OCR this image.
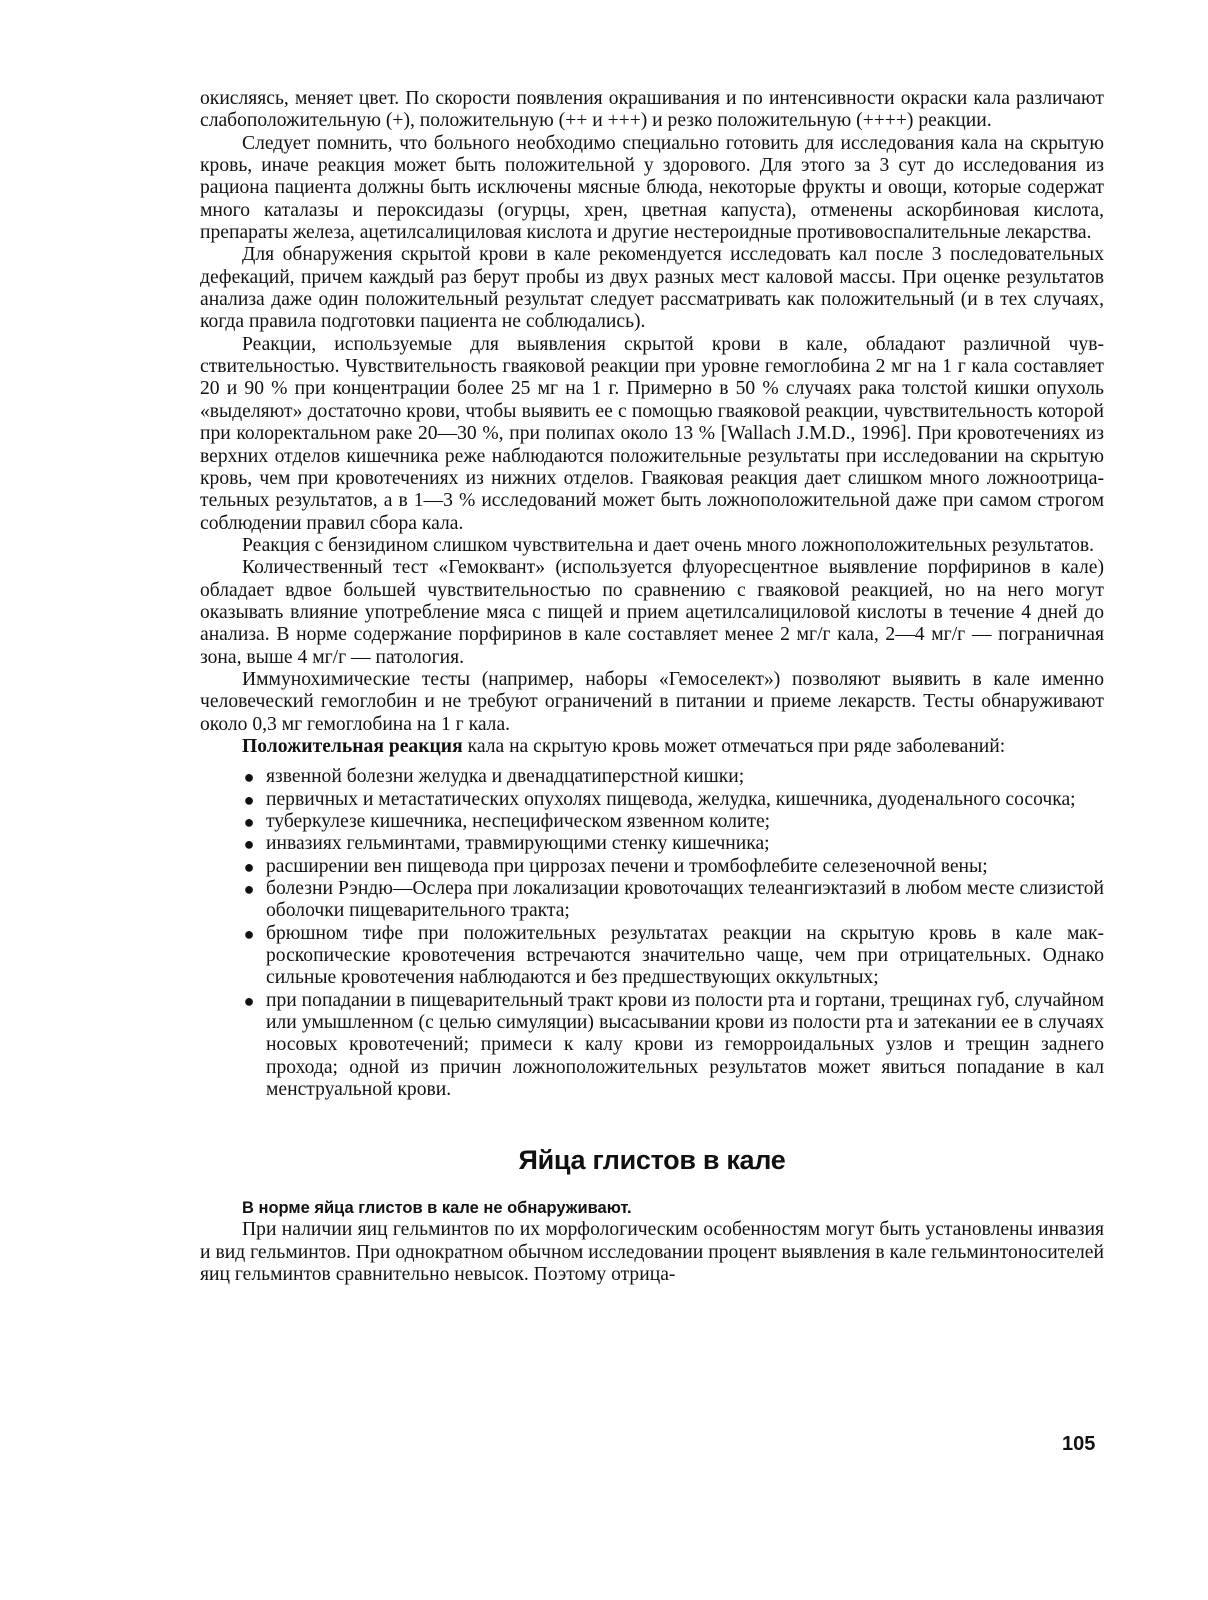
окисляясь, меняет цвет. По скорости появления окрашивания и по интенсивности окраски кала различают слабоположительную (+), положительную (++ и +++) и резко положительную (++++) реакции.

Следует помнить, что больного необходимо специально готовить для исследования кала на скрытую кровь, иначе реакция может быть положительной у здорового. Для этого за 3 сут до исследования из рациона пациента должны быть исключены мясные блюда, некоторые фрукты и овощи, которые содержат много каталазы и пероксидазы (огурцы, хрен, цветная капуста), отменены аскорбиновая кислота, препараты железа, ацетилсалициловая кислота и другие нестероидные противовоспалительные лекарства.

Для обнаружения скрытой крови в кале рекомендуется исследовать кал после 3 последовательных дефекаций, причем каждый раз берут пробы из двух разных мест каловой массы. При оценке результатов анализа даже один положительный результат следует рассматривать как положительный (и в тех случаях, когда правила подготовки пациента не соблюдались).

Реакции, используемые для выявления скрытой крови в кале, обладают различной чувствительностью. Чувствительность гваяковой реакции при уровне гемоглобина 2 мг на 1 г кала составляет 20 и 90 % при концентрации более 25 мг на 1 г. Примерно в 50 % случаях рака толстой кишки опухоль «выделяют» достаточно крови, чтобы выявить ее с помощью гваяковой реакции, чувствительность которой при колоректальном раке 20—30 %, при полипах около 13 % [Wallach J.M.D., 1996]. При кровотечениях из верхних отделов кишечника реже наблюдаются положительные результаты при исследовании на скрытую кровь, чем при кровотечениях из нижних отделов. Гваяковая реакция дает слишком много ложноотрицательных результатов, а в 1—3 % исследований может быть ложноположительной даже при самом строгом соблюдении правил сбора кала.

Реакция с бензидином слишком чувствительна и дает очень много ложноположительных результатов.

Количественный тест «Гемоквант» (используется флуоресцентное выявление порфиринов в кале) обладает вдвое большей чувствительностью по сравнению с гваяковой реакцией, но на него могут оказывать влияние употребление мяса с пищей и прием ацетилсалициловой кислоты в течение 4 дней до анализа. В норме содержание порфиринов в кале составляет менее 2 мг/г кала, 2—4 мг/г — пограничная зона, выше 4 мг/г — патология.

Иммунохимические тесты (например, наборы «Гемоселект») позволяют выявить в кале именно человеческий гемоглобин и не требуют ограничений в питании и приеме лекарств. Тесты обнаруживают около 0,3 мг гемоглобина на 1 г кала.

Положительная реакция кала на скрытую кровь может отмечаться при ряде заболеваний:

● язвенной болезни желудка и двенадцатиперстной кишки;
● первичных и метастатических опухолях пищевода, желудка, кишечника, дуоденального сосочка;
● туберкулезе кишечника, неспецифическом язвенном колите;
● инвазиях гельминтами, травмирующими стенку кишечника;
● расширении вен пищевода при циррозах печени и тромбофлебите селезеночной вены;
● болезни Рэндю—Ослера при локализации кровоточащих телеангиэктазий в любом месте слизистой оболочки пищеварительного тракта;
● брюшном тифе при положительных результатах реакции на скрытую кровь в кале макроскопические кровотечения встречаются значительно чаще, чем при отрицательных. Однако сильные кровотечения наблюдаются и без предшествующих оккультных;
● при попадании в пищеварительный тракт крови из полости рта и гортани, трещинах губ, случайном или умышленном (с целью симуляции) высасывании крови из полости рта и затекании ее в случаях носовых кровотечений; примеси к калу крови из геморроидальных узлов и трещин заднего прохода; одной из причин ложноположительных результатов может явиться попадание в кал менструальной крови.
Яйца глистов в кале

В норме яйца глистов в кале не обнаруживают.

При наличии яиц гельминтов по их морфологическим особенностям могут быть установлены инвазия и вид гельминтов. При однократном обычном исследовании процент выявления в кале гельминтоносителей яиц гельминтов сравнительно невысок. Поэтому отрица-

105
